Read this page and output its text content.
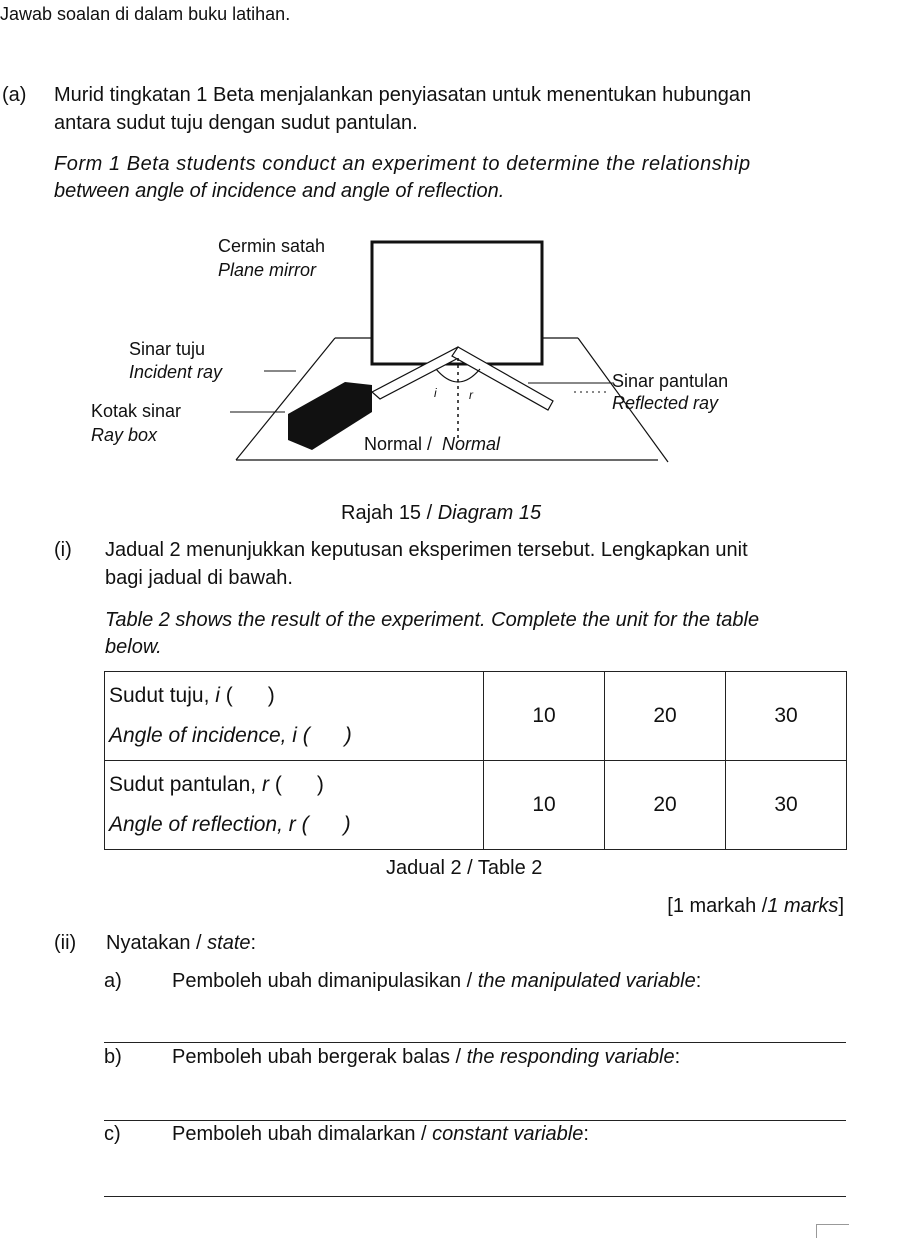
Jawab soalan di dalam buku latihan.
(a) Murid tingkatan 1 Beta menjalankan penyiasatan untuk menentukan hubungan
antara sudut tuju dengan sudut pantulan.
Form 1 Beta students conduct an experiment to determine the relationship
between angle of incidence and angle of reflection.
Cermin satah
Plane mirror
Sinar tuju
Incident ray
Kotak sinar
Ray box
Sinar pantulan
Reflected ray
Normal / Normal
i	r
Rajah 15 / Diagram 15
(i) Jadual 2 menunjukkan keputusan eksperimen tersebut. Lengkapkan unit
bagi jadual di bawah.
Table 2 shows the result of the experiment. Complete the unit for the table
below.
Sudut tuju, i (      )
Angle of incidence, i (      )	10	20	30

Sudut pantulan, r (      )
Angle of reflection, r (      )	10	20	30
Jadual 2 / Table 2
[1 markah /1 marks]
(ii) Nyatakan / state:
a)	Pemboleh ubah dimanipulasikan / the manipulated variable:
b)	Pemboleh ubah bergerak balas / the responding variable:
c)	Pemboleh ubah dimalarkan / constant variable:
